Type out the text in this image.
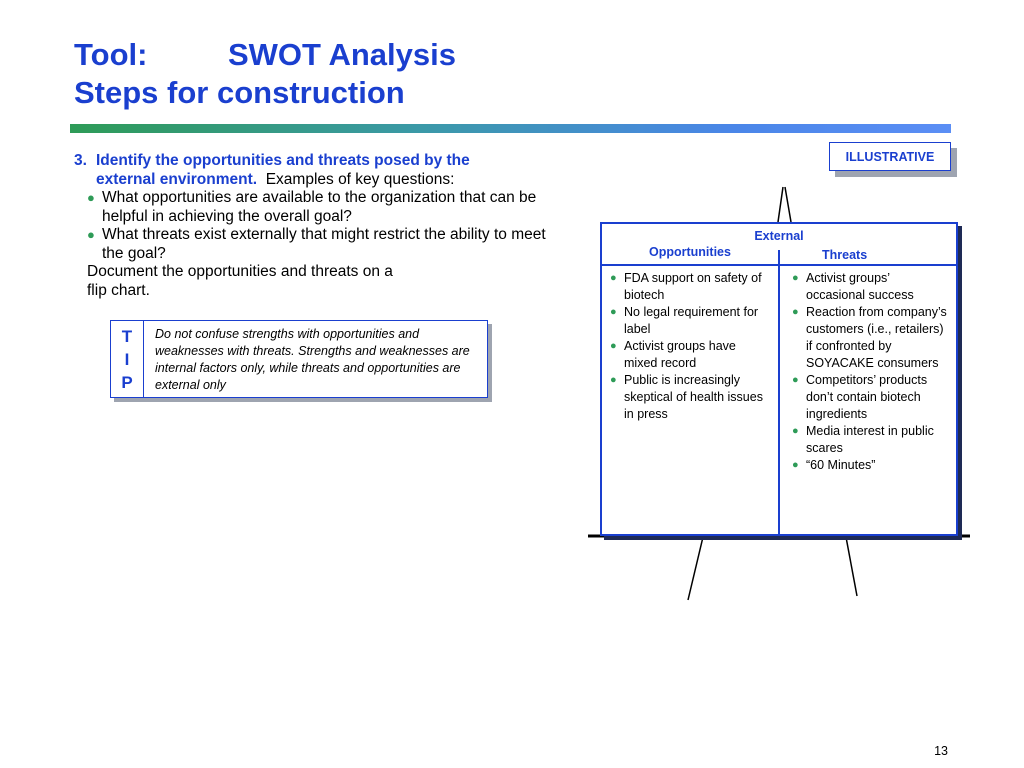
Tool:	SWOT Analysis
Steps for construction
3. Identify the opportunities and threats posed by the
external environment. Examples of key questions:
● What opportunities are available to the organization that can be helpful in achieving the overall goal?
● What threats exist externally that might restrict the ability to meet the goal?
Document the opportunities and threats on a
flip chart.
T
I
P
Do not confuse strengths with opportunities and weaknesses with threats. Strengths and weaknesses are internal factors only, while threats and opportunities are external only
ILLUSTRATIVE
External
Opportunities	Threats
● FDA support on safety of biotech
● No legal requirement for label
● Activist groups have mixed record
● Public is increasingly skeptical of health issues in press
● Activist groups’ occasional success
● Reaction from company’s customers (i.e., retailers) if confronted by SOYACAKE consumers
● Competitors’ products don’t contain biotech ingredients
● Media interest in public scares
● “60 Minutes”
13
